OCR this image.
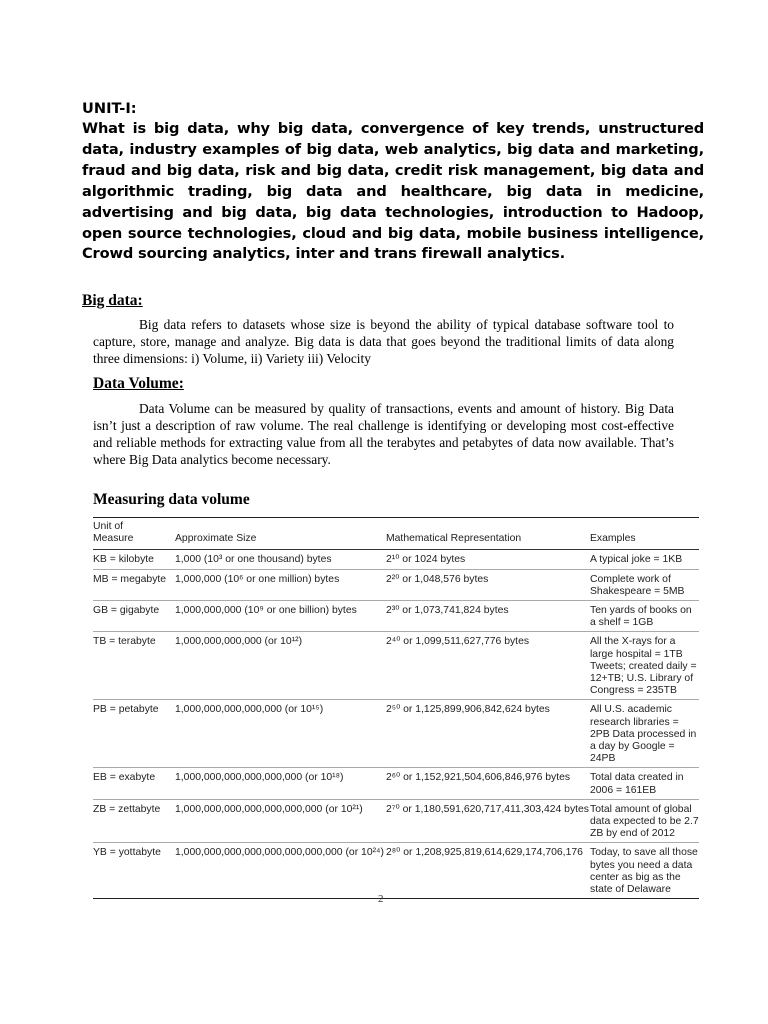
UNIT-I:
What is big data, why big data, convergence of key trends, unstructured data, industry examples of big data, web analytics, big data and marketing, fraud and big data, risk and big data, credit risk management, big data and algorithmic trading, big data and healthcare, big data in medicine, advertising and big data, big data technologies, introduction to Hadoop, open source technologies, cloud and big data, mobile business intelligence, Crowd sourcing analytics, inter and trans firewall analytics.
Big data:
Big data refers to datasets whose size is beyond the ability of typical database software tool to capture, store, manage and analyze. Big data is data that goes beyond the traditional limits of data along three dimensions: i) Volume, ii) Variety iii) Velocity
Data Volume:
Data Volume can be measured by quality of transactions, events and amount of history. Big Data isn’t just a description of raw volume. The real challenge is identifying or developing most cost-effective and reliable methods for extracting value from all the terabytes and petabytes of data now available. That’s where Big Data analytics become necessary.
Measuring data volume
Unit of
Measure	Approximate Size	Mathematical Representation	Examples
KB = kilobyte	1,000 (10³ or one thousand) bytes	2¹⁰ or 1024 bytes	A typical joke = 1KB
MB = megabyte	1,000,000 (10⁶ or one million) bytes	2²⁰ or 1,048,576 bytes	Complete work of Shakespeare = 5MB
GB = gigabyte	1,000,000,000 (10⁹ or one billion) bytes	2³⁰ or 1,073,741,824 bytes	Ten yards of books on a shelf = 1GB
TB = terabyte	1,000,000,000,000 (or 10¹²)	2⁴⁰ or 1,099,511,627,776 bytes	All the X-rays for a large hospital = 1TB Tweets; created daily = 12+TB; U.S. Library of Congress = 235TB
PB = petabyte	1,000,000,000,000,000 (or 10¹⁵)	2⁵⁰ or 1,125,899,906,842,624 bytes	All U.S. academic research libraries = 2PB Data processed in a day by Google = 24PB
EB = exabyte	1,000,000,000,000,000,000 (or 10¹⁸)	2⁶⁰ or 1,152,921,504,606,846,976 bytes	Total data created in 2006 = 161EB
ZB = zettabyte	1,000,000,000,000,000,000,000 (or 10²¹)	2⁷⁰ or 1,180,591,620,717,411,303,424 bytes	Total amount of global data expected to be 2.7 ZB by end of 2012
YB = yottabyte	1,000,000,000,000,000,000,000,000 (or 10²⁴)	2⁸⁰ or 1,208,925,819,614,629,174,706,176	Today, to save all those bytes you need a data center as big as the state of Delaware
2
